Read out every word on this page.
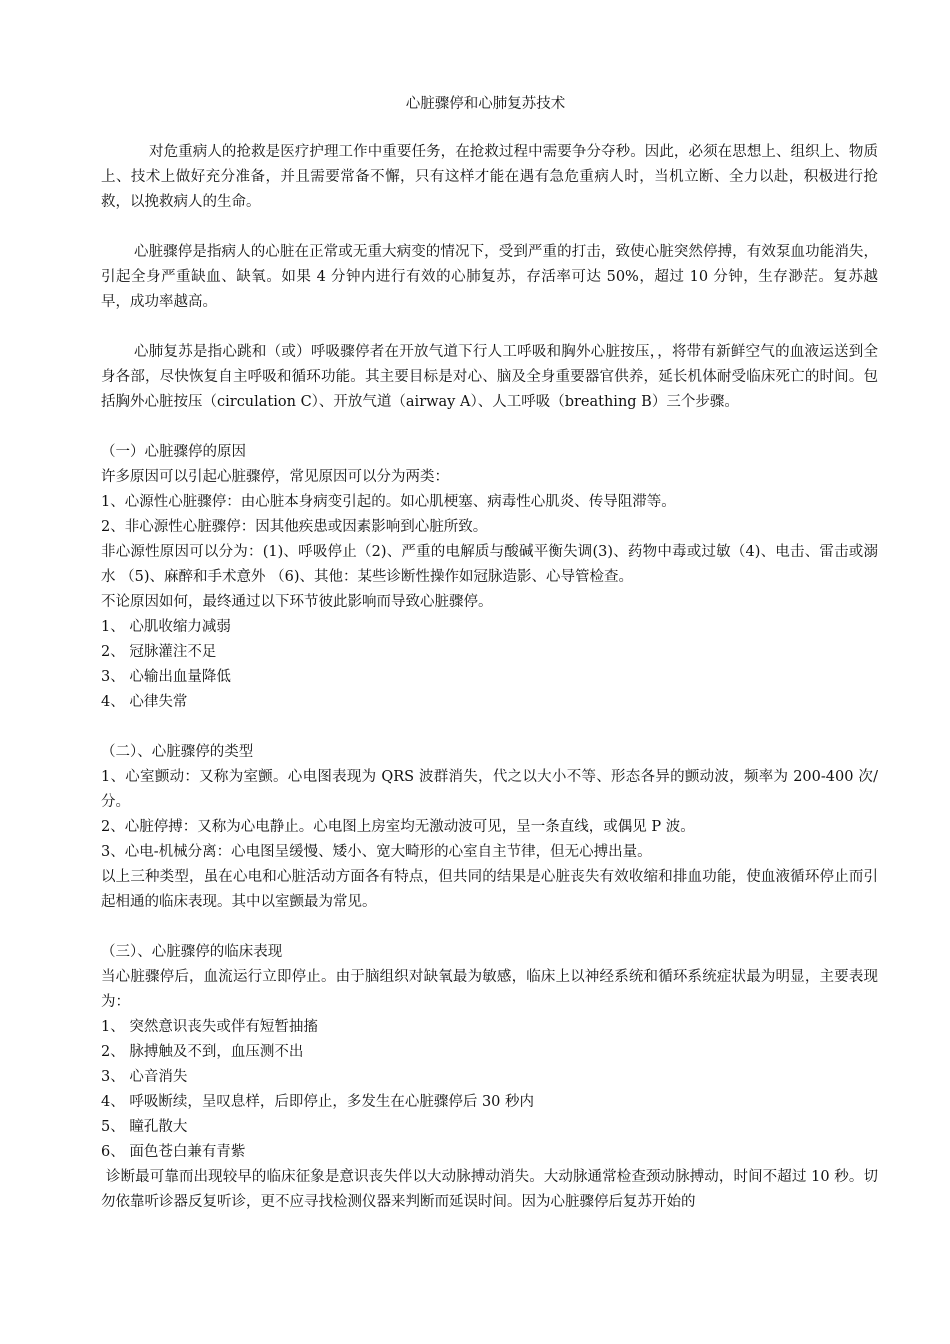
心脏骤停和心肺复苏技术

对危重病人的抢救是医疗护理工作中重要任务，在抢救过程中需要争分夺秒。因此，必须在思想上、组织上、物质上、技术上做好充分准备，并且需要常备不懈，只有这样才能在遇有急危重病人时，当机立断、全力以赴，积极进行抢救，以挽救病人的生命。

心脏骤停是指病人的心脏在正常或无重大病变的情况下，受到严重的打击，致使心脏突然停搏，有效泵血功能消失，引起全身严重缺血、缺氧。如果 4 分钟内进行有效的心肺复苏，存活率可达 50%，超过 10 分钟，生存渺茫。复苏越早，成功率越高。

心肺复苏是指心跳和（或）呼吸骤停者在开放气道下行人工呼吸和胸外心脏按压，，将带有新鲜空气的血液运送到全身各部，尽快恢复自主呼吸和循环功能。其主要目标是对心、脑及全身重要器官供养，延长机体耐受临床死亡的时间。包括胸外心脏按压（circulation C）、开放气道（airway A）、人工呼吸（breathing B）三个步骤。

（一）心脏骤停的原因

许多原因可以引起心脏骤停，常见原因可以分为两类：

1、心源性心脏骤停：由心脏本身病变引起的。如心肌梗塞、病毒性心肌炎、传导阻滞等。

2、非心源性心脏骤停：因其他疾患或因素影响到心脏所致。

非心源性原因可以分为：(1)、呼吸停止（2)、严重的电解质与酸碱平衡失调(3)、药物中毒或过敏（4)、电击、雷击或溺水 （5)、麻醉和手术意外 （6)、其他：某些诊断性操作如冠脉造影、心导管检查。

不论原因如何，最终通过以下环节彼此影响而导致心脏骤停。

1、 心肌收缩力减弱

2、 冠脉灌注不足

3、 心输出血量降低

4、 心律失常

（二）、心脏骤停的类型

1、心室颤动：又称为室颤。心电图表现为 QRS 波群消失，代之以大小不等、形态各异的颤动波，频率为 200-400 次/分。

2、心脏停搏：又称为心电静止。心电图上房室均无激动波可见，呈一条直线，或偶见 P 波。

3、心电-机械分离：心电图呈缓慢、矮小、宽大畸形的心室自主节律，但无心搏出量。

以上三种类型，虽在心电和心脏活动方面各有特点，但共同的结果是心脏丧失有效收缩和排血功能，使血液循环停止而引起相通的临床表现。其中以室颤最为常见。

（三）、心脏骤停的临床表现

当心脏骤停后，血流运行立即停止。由于脑组织对缺氧最为敏感，临床上以神经系统和循环系统症状最为明显，主要表现为：

1、 突然意识丧失或伴有短暂抽搐

2、 脉搏触及不到，血压测不出

3、 心音消失

4、 呼吸断续，呈叹息样，后即停止，多发生在心脏骤停后 30 秒内

5、 瞳孔散大

6、 面色苍白兼有青紫

诊断最可靠而出现较早的临床征象是意识丧失伴以大动脉搏动消失。大动脉通常检查颈动脉搏动，时间不超过 10 秒。切勿依靠听诊器反复听诊，更不应寻找检测仪器来判断而延误时间。因为心脏骤停后复苏开始的
